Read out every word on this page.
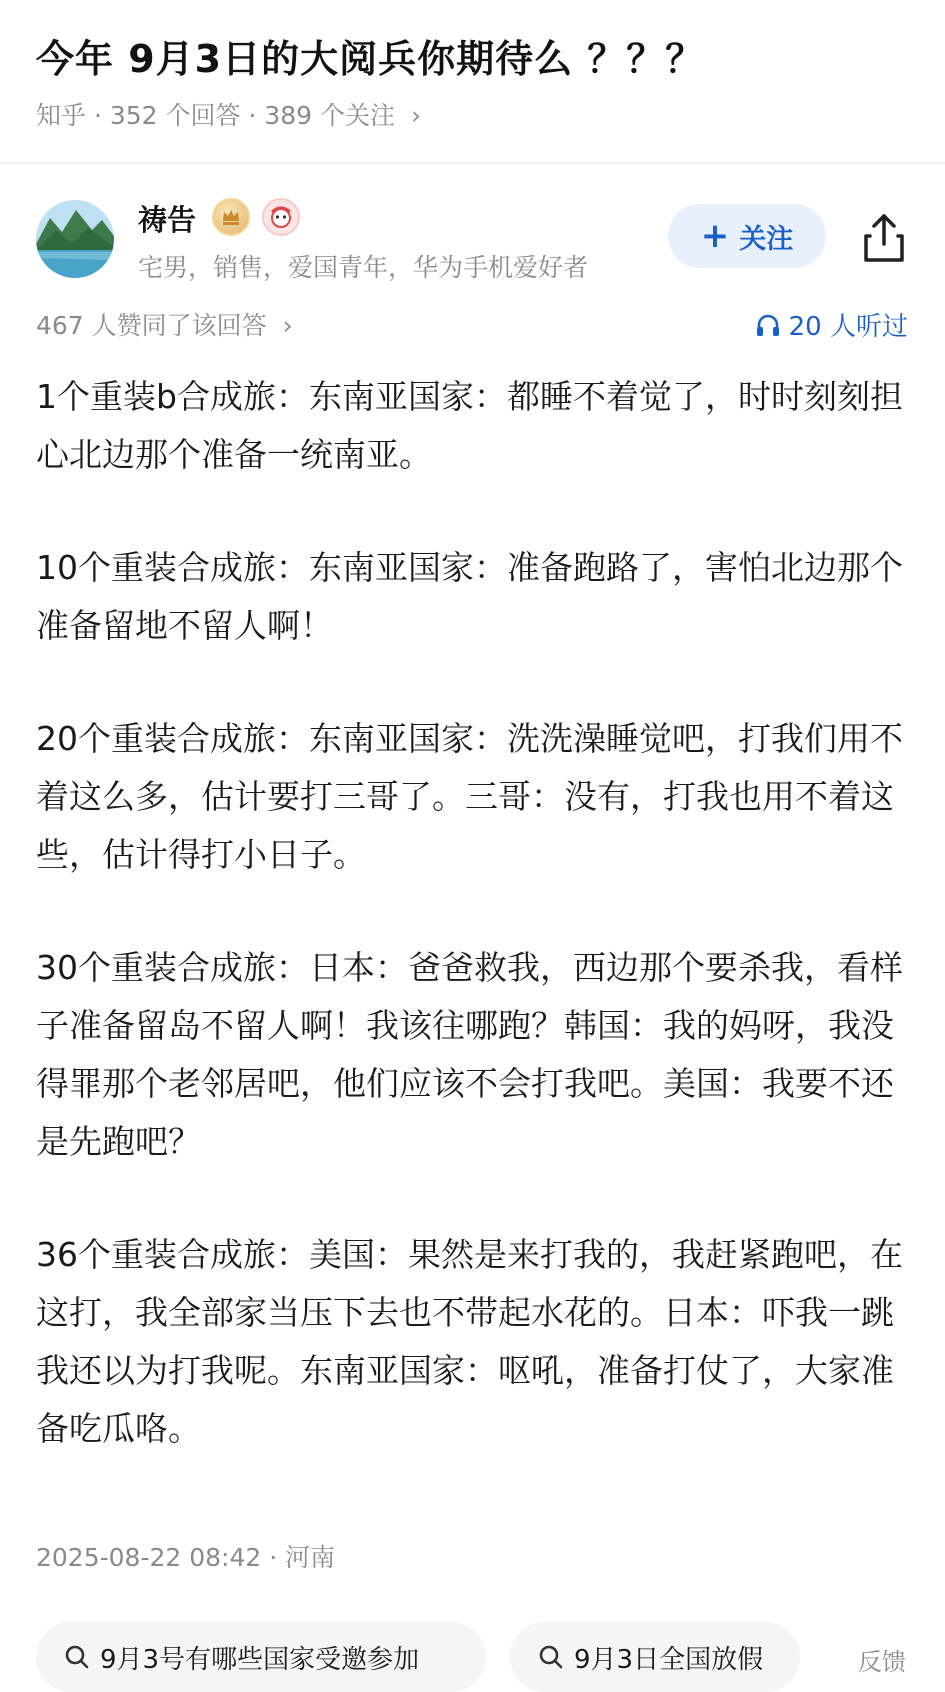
今年 9月3日的大阅兵你期待么 ？？？
知乎 · 352 个回答 · 389 个关注 ›
祷告
宅男，销售，爱国青年，华为手机爱好者
+ 关注
467 人赞同了该回答 ›	20 人听过

1个重装b合成旅：东南亚国家：都睡不着觉了，时时刻刻担心北边那个准备一统南亚。

10个重装合成旅：东南亚国家：准备跑路了，害怕北边那个准备留地不留人啊！

20个重装合成旅：东南亚国家：洗洗澡睡觉吧，打我们用不着这么多，估计要打三哥了。三哥：没有，打我也用不着这些，估计得打小日子。

30个重装合成旅：日本：爸爸救我，西边那个要杀我，看样子准备留岛不留人啊！我该往哪跑？韩国：我的妈呀，我没得罪那个老邻居吧，他们应该不会打我吧。美国：我要不还是先跑吧？

36个重装合成旅：美国：果然是来打我的，我赶紧跑吧，在这打，我全部家当压下去也不带起水花的。日本：吓我一跳我还以为打我呢。东南亚国家：呕吼，准备打仗了，大家准备吃瓜咯。

2025-08-22 08:42 · 河南
9月3号有哪些国家受邀参加	9月3日全国放假	反馈
